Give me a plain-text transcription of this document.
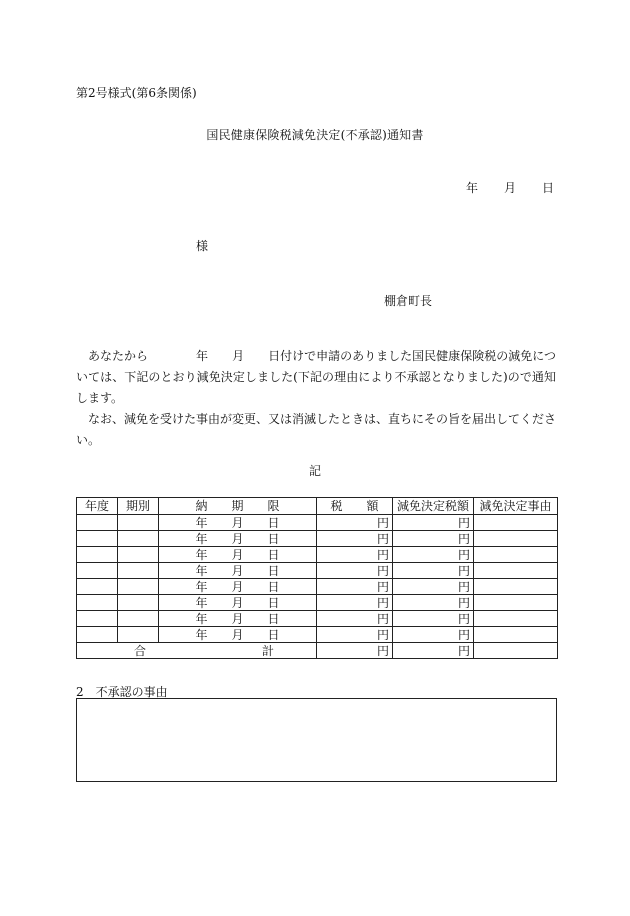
第2号様式(第6条関係)
国民健康保険税減免決定(不承認)通知書
年 月 日
様
棚倉町長

あなたから　　　　年　　月　　日付けで申請のありました国民健康保険税の減免については、下記のとおり減免決定しました(下記の理由により不承認となりました)ので通知します。

なお、減免を受けた事由が変更、又は消滅したときは、直ちにその旨を届出してください。

記
年度	期別	納　　期　　限	税　　額	減免決定税額	減免決定事由
		年　　月　　日	円	円	
		年　　月　　日	円	円	
		年　　月　　日	円	円	
		年　　月　　日	円	円	
		年　　月　　日	円	円	
		年　　月　　日	円	円	
		年　　月　　日	円	円	
		年　　月　　日	円	円	
合 計			円	円	
2　不承認の事由
